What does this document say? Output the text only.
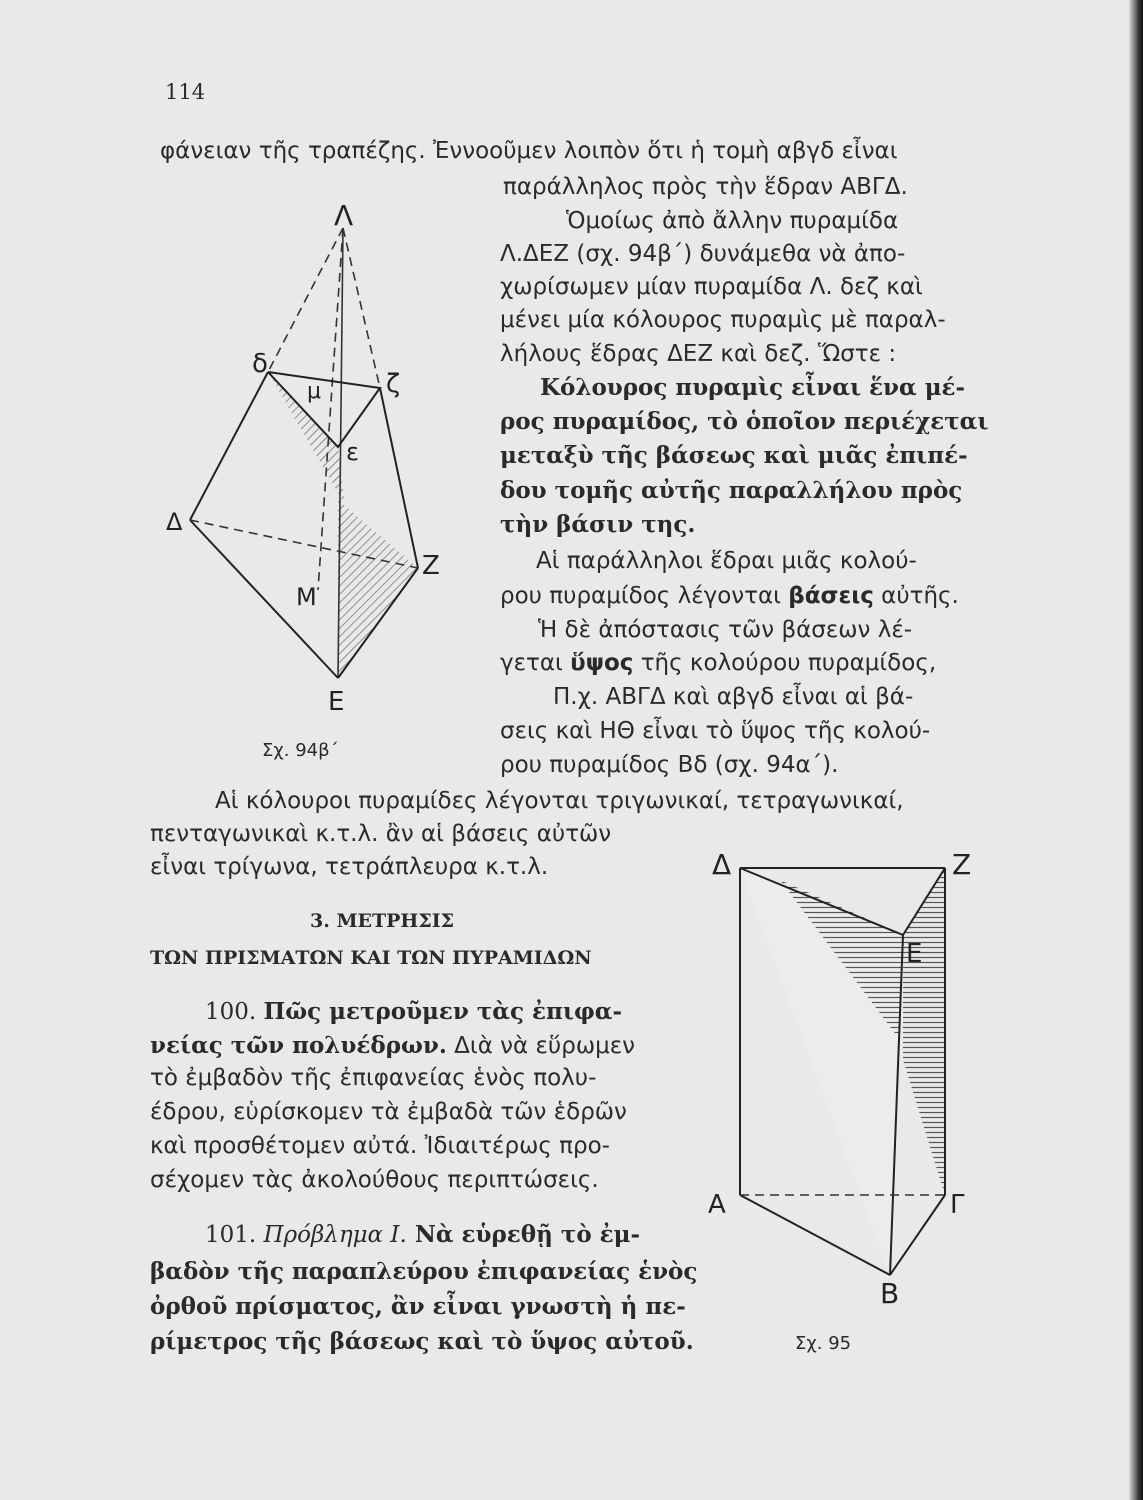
114
φάνειαν τῆς τραπέζης. Ἐννοοῦμεν λοιπὸν ὅτι ἡ τομὴ αβγδ εἶναι
παράλληλος πρὸς τὴν ἕδραν ΑΒΓΔ.
Ὁμοίως ἀπὸ ἄλλην πυραμίδα
Λ.ΔΕΖ (σχ. 94β΄) δυνάμεθα νὰ ἀπο-
χωρίσωμεν μίαν πυραμίδα Λ. δεζ καὶ
μένει μία κόλουρος πυραμὶς μὲ παραλ-
λήλους ἕδρας ΔΕΖ καὶ δεζ. Ὥστε :
Κόλουρος πυραμὶς εἶναι ἕνα μέ-
ρος πυραμίδος, τὸ ὁποῖον περιέχεται
μεταξὺ τῆς βάσεως καὶ μιᾶς ἐπιπέ-
δου τομῆς αὐτῆς παραλλήλου πρὸς
τὴν βάσιν της.
Αἱ παράλληλοι ἕδραι μιᾶς κολού-
ρου πυραμίδος λέγονται βάσεις αὐτῆς.
Ἡ δὲ ἀπόστασις τῶν βάσεων λέ-
γεται ὕψος τῆς κολούρου πυραμίδος,
Π.χ. ΑΒΓΔ καὶ αβγδ εἶναι αἱ βά-
σεις καὶ ΗΘ εἶναι τὸ ὕψος τῆς κολού-
ρου πυραμίδος Βδ (σχ. 94α΄).
Αἱ κόλουροι πυραμίδες λέγονται τριγωνικαί, τετραγωνικαί,
πενταγωνικαὶ κ.τ.λ. ἂν αἱ βάσεις αὐτῶν
εἶναι τρίγωνα, τετράπλευρα κ.τ.λ.
3. ΜΕΤΡΗΣΙΣ
ΤΩΝ ΠΡΙΣΜΑΤΩΝ ΚΑΙ ΤΩΝ ΠΥΡΑΜΙΔΩΝ
100. Πῶς μετροῦμεν τὰς ἐπιφα-
νείας τῶν πολυέδρων. Διὰ νὰ εὕρωμεν
τὸ ἐμβαδὸν τῆς ἐπιφανείας ἑνὸς πολυ-
έδρου, εὑρίσκομεν τὰ ἐμβαδὰ τῶν ἑδρῶν
καὶ προσθέτομεν αὐτά. Ἰδιαιτέρως προ-
σέχομεν τὰς ἀκολούθους περιπτώσεις.
101. Πρόβλημα I. Νὰ εὑρεθῇ τὸ ἐμ-
βαδὸν τῆς παραπλεύρου ἐπιφανείας ἑνὸς
ὀρθοῦ πρίσματος, ἂν εἶναι γνωστὴ ἡ πε-
ρίμετρος τῆς βάσεως καὶ τὸ ὕψος αὐτοῦ.
Λ
δ
ζ
μ
ε
Δ
Ζ
Μ
Ε
Σχ. 94β΄
Δ	Ζ
Ε
Α	Γ
Β
Σχ. 95
